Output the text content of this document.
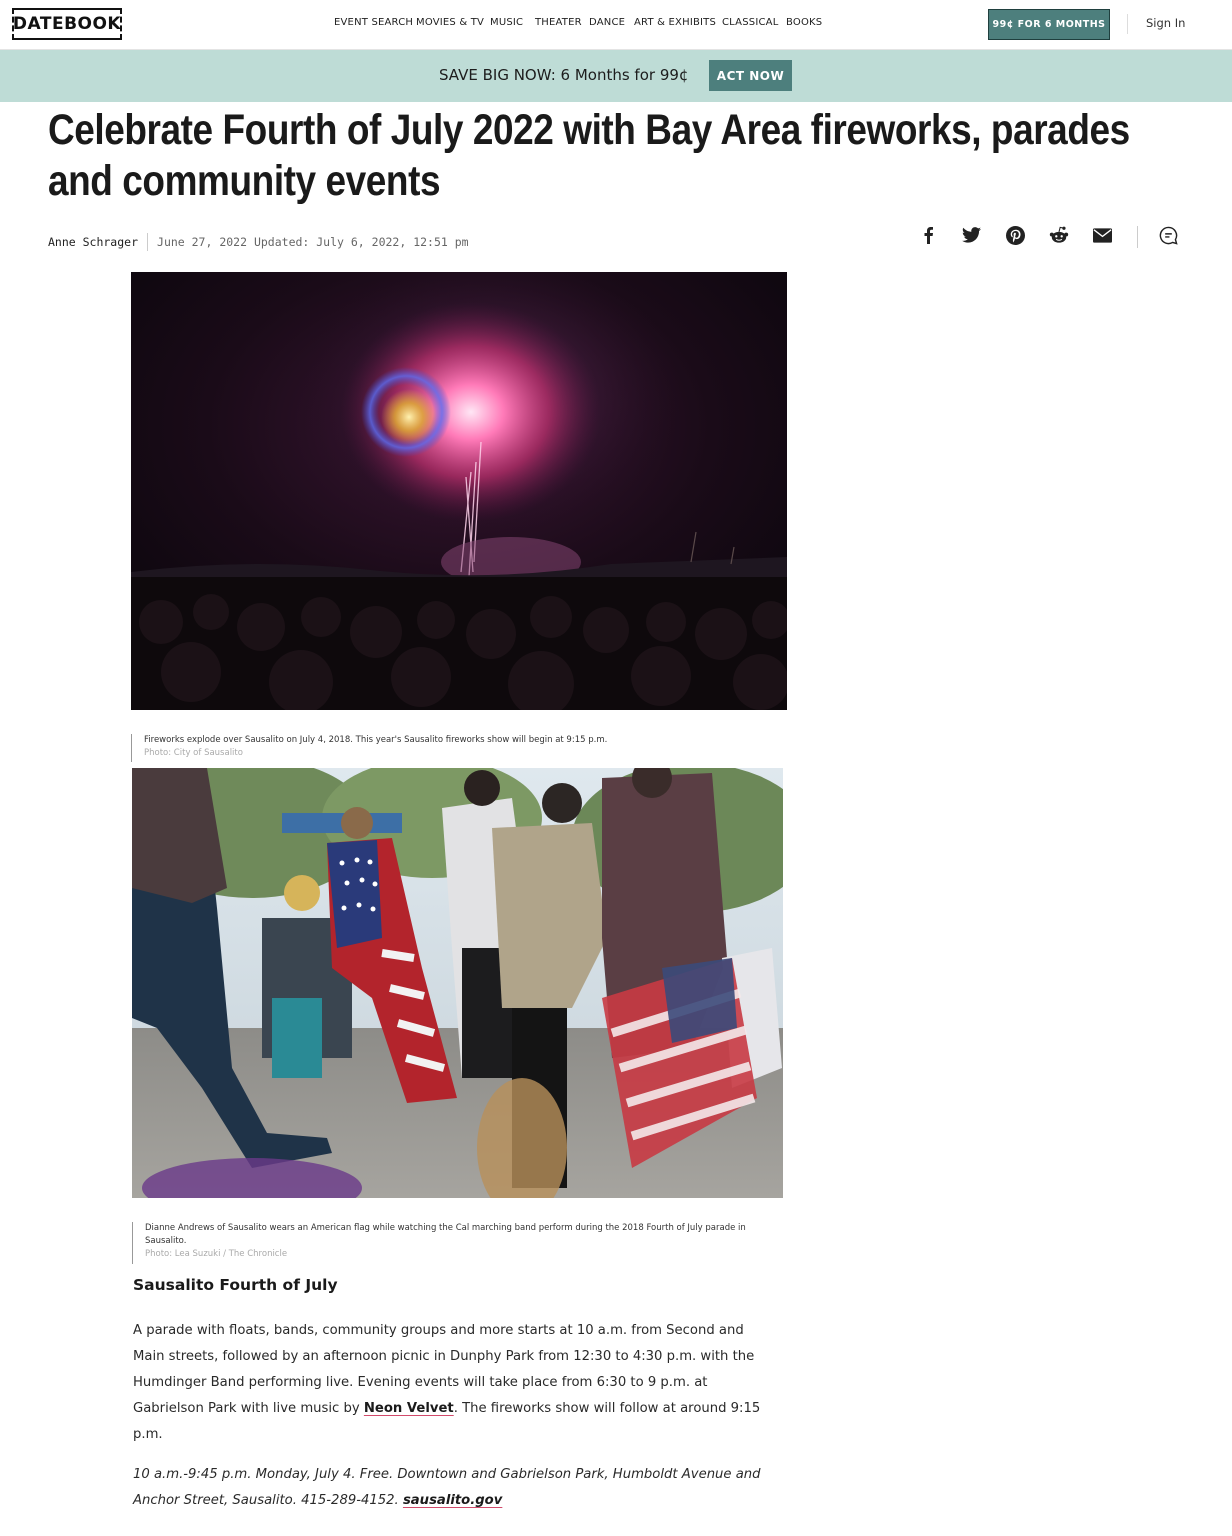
DATEBOOK	EVENT SEARCH MOVIES & TV MUSIC THEATER DANCE ART & EXHIBITS CLASSICAL BOOKS	99¢ FOR 6 MONTHS	Sign In
SAVE BIG NOW: 6 Months for 99¢	ACT NOW
Celebrate Fourth of July 2022 with Bay Area fireworks, parades and community events
Anne Schrager June 27, 2022 Updated: July 6, 2022, 12:51 pm
Fireworks explode over Sausalito on July 4, 2018. This year's Sausalito fireworks show will begin at 9:15 p.m.
Photo: City of Sausalito
Dianne Andrews of Sausalito wears an American flag while watching the Cal marching band perform during the 2018 Fourth of July parade in Sausalito.
Photo: Lea Suzuki / The Chronicle
Sausalito Fourth of July

A parade with floats, bands, community groups and more starts at 10 a.m. from Second and Main streets, followed by an afternoon picnic in Dunphy Park from 12:30 to 4:30 p.m. with the Humdinger Band performing live. Evening events will take place from 6:30 to 9 p.m. at Gabrielson Park with live music by Neon Velvet. The fireworks show will follow at around 9:15 p.m.

10 a.m.-9:45 p.m. Monday, July 4. Free. Downtown and Gabrielson Park, Humboldt Avenue and Anchor Street, Sausalito. 415-289-4152. sausalito.gov
